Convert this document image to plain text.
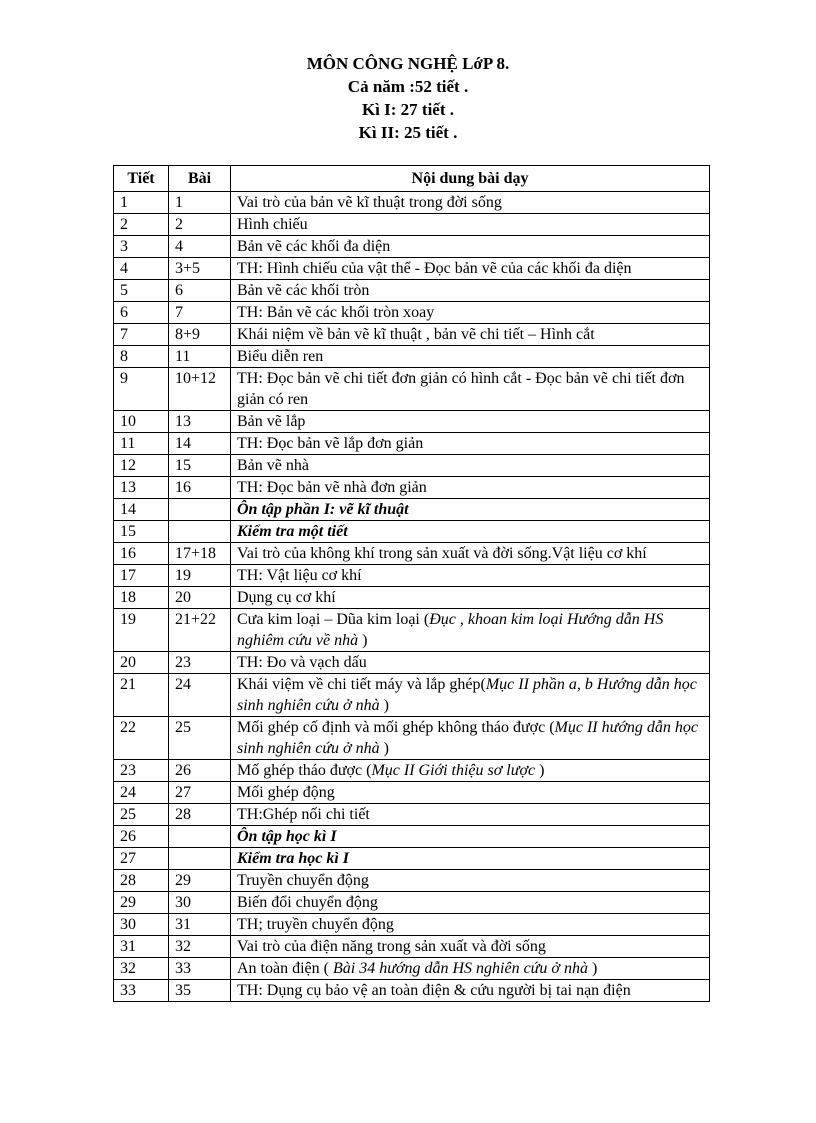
MÔN CÔNG NGHỆ LớP 8.
Cả năm :52 tiết .
Kì I: 27 tiết .
Kì II: 25 tiết .
Tiết	Bài	Nội dung bài dạy
1	1	Vai trò của bản vẽ kĩ thuật trong đời sống
2	2	Hình chiếu
3	4	Bản vẽ các khối đa diện
4	3+5	TH: Hình chiếu của vật thể - Đọc bản vẽ của các khối đa diện
5	6	Bản vẽ các khối tròn
6	7	TH: Bản vẽ các khối tròn xoay
7	8+9	Khái niệm về bản vẽ kĩ thuật , bản vẽ chi tiết – Hình cắt
8	11	Biểu diễn ren
9	10+12	TH: Đọc bản vẽ chi tiết đơn giản có hình cắt - Đọc bản vẽ chi tiết đơn giản có ren
10	13	Bản vẽ lắp
11	14	TH: Đọc bản vẽ lắp đơn giản
12	15	Bản vẽ nhà
13	16	TH: Đọc bản vẽ nhà đơn giản
14		Ôn tập phần I: vẽ kĩ thuật
15		Kiểm tra một tiết
16	17+18	Vai trò của không khí trong sản xuất và đời sống.Vật liệu cơ khí
17	19	TH: Vật liệu cơ khí
18	20	Dụng cụ cơ khí
19	21+22	Cưa kim loại – Dũa kim loại (Đục , khoan kim loại Hướng dẫn HS nghiêm cứu về nhà )
20	23	TH: Đo và vạch dấu
21	24	Khái việm về chi tiết máy và lắp ghép(Mục II phần a, b Hướng dẫn học sinh nghiên cứu ở nhà )
22	25	Mối ghép cố định và mối ghép không tháo được (Mục II hướng dẫn học sinh nghiên cứu ở nhà )
23	26	Mố ghép tháo được (Mục II Giới thiệu sơ lược )
24	27	Mối ghép động
25	28	TH:Ghép nối chi tiết
26		Ôn tập học kì I
27		Kiểm tra học kì I
28	29	Truyền chuyển động
29	30	Biến đổi chuyển động
30	31	TH; truyền chuyển động
31	32	Vai trò của điện năng trong sản xuất và đời sống
32	33	An toàn điện ( Bài 34 hướng dẫn HS nghiên cứu ở nhà )
33	35	TH: Dụng cụ bảo vệ an toàn điện & cứu người bị tai nạn điện
